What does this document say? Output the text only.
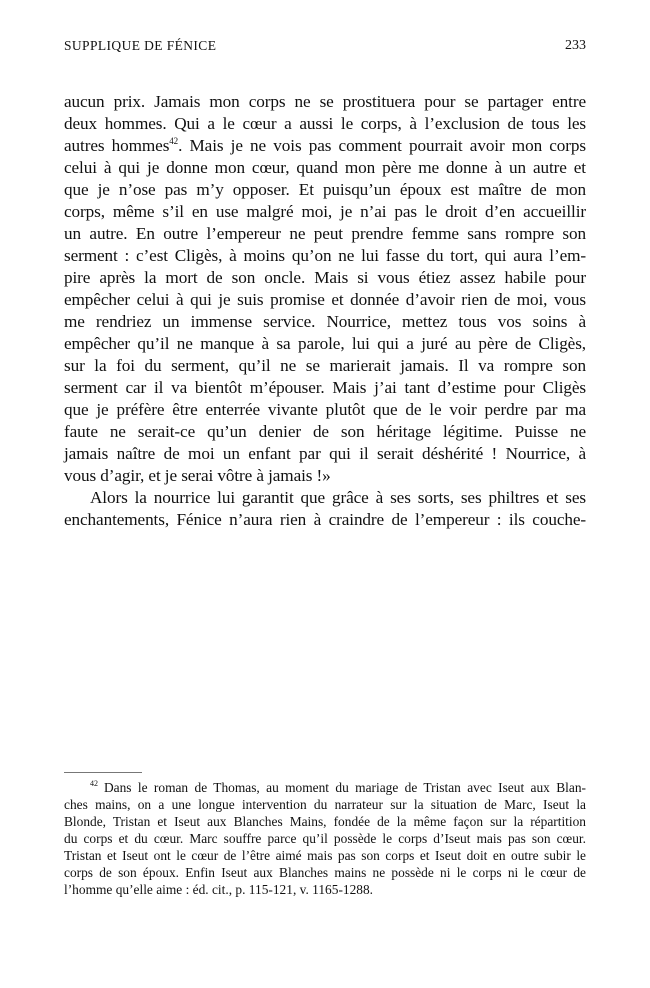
SUPPLIQUE DE FÉNICE	233
aucun prix. Jamais mon corps ne se prostituera pour se partager entre
deux hommes. Qui a le cœur a aussi le corps, à l’exclusion de tous les
autres hommes$^{42}$. Mais je ne vois pas comment pourrait avoir mon corps
celui à qui je donne mon cœur, quand mon père me donne à un autre et
que je n’ose pas m’y opposer. Et puisqu’un époux est maître de mon
corps, même s’il en use malgré moi, je n’ai pas le droit d’en accueillir
un autre. En outre l’empereur ne peut prendre femme sans rompre son
serment : c’est Cligès, à moins qu’on ne lui fasse du tort, qui aura l’em-
pire après la mort de son oncle. Mais si vous étiez assez habile pour
empêcher celui à qui je suis promise et donnée d’avoir rien de moi, vous
me rendriez un immense service. Nourrice, mettez tous vos soins à
empêcher qu’il ne manque à sa parole, lui qui a juré au père de Cligès,
sur la foi du serment, qu’il ne se marierait jamais. Il va rompre son
serment car il va bientôt m’épouser. Mais j’ai tant d’estime pour Cligès
que je préfère être enterrée vivante plutôt que de le voir perdre par ma
faute ne serait-ce qu’un denier de son héritage légitime. Puisse ne
jamais naître de moi un enfant par qui il serait déshérité ! Nourrice, à
vous d’agir, et je serai vôtre à jamais !»
Alors la nourrice lui garantit que grâce à ses sorts, ses philtres et ses
enchantements, Fénice n’aura rien à craindre de l’empereur : ils couche-
$^{42}$ Dans le roman de Thomas, au moment du mariage de Tristan avec Iseut aux Blan-
ches mains, on a une longue intervention du narrateur sur la situation de Marc, Iseut la
Blonde, Tristan et Iseut aux Blanches Mains, fondée de la même façon sur la répartition
du corps et du cœur. Marc souffre parce qu’il possède le corps d’Iseut mais pas son cœur.
Tristan et Iseut ont le cœur de l’être aimé mais pas son corps et Iseut doit en outre subir le
corps de son époux. Enfin Iseut aux Blanches mains ne possède ni le corps ni le cœur de
l’homme qu’elle aime : éd. cit., p. 115-121, v. 1165-1288.
